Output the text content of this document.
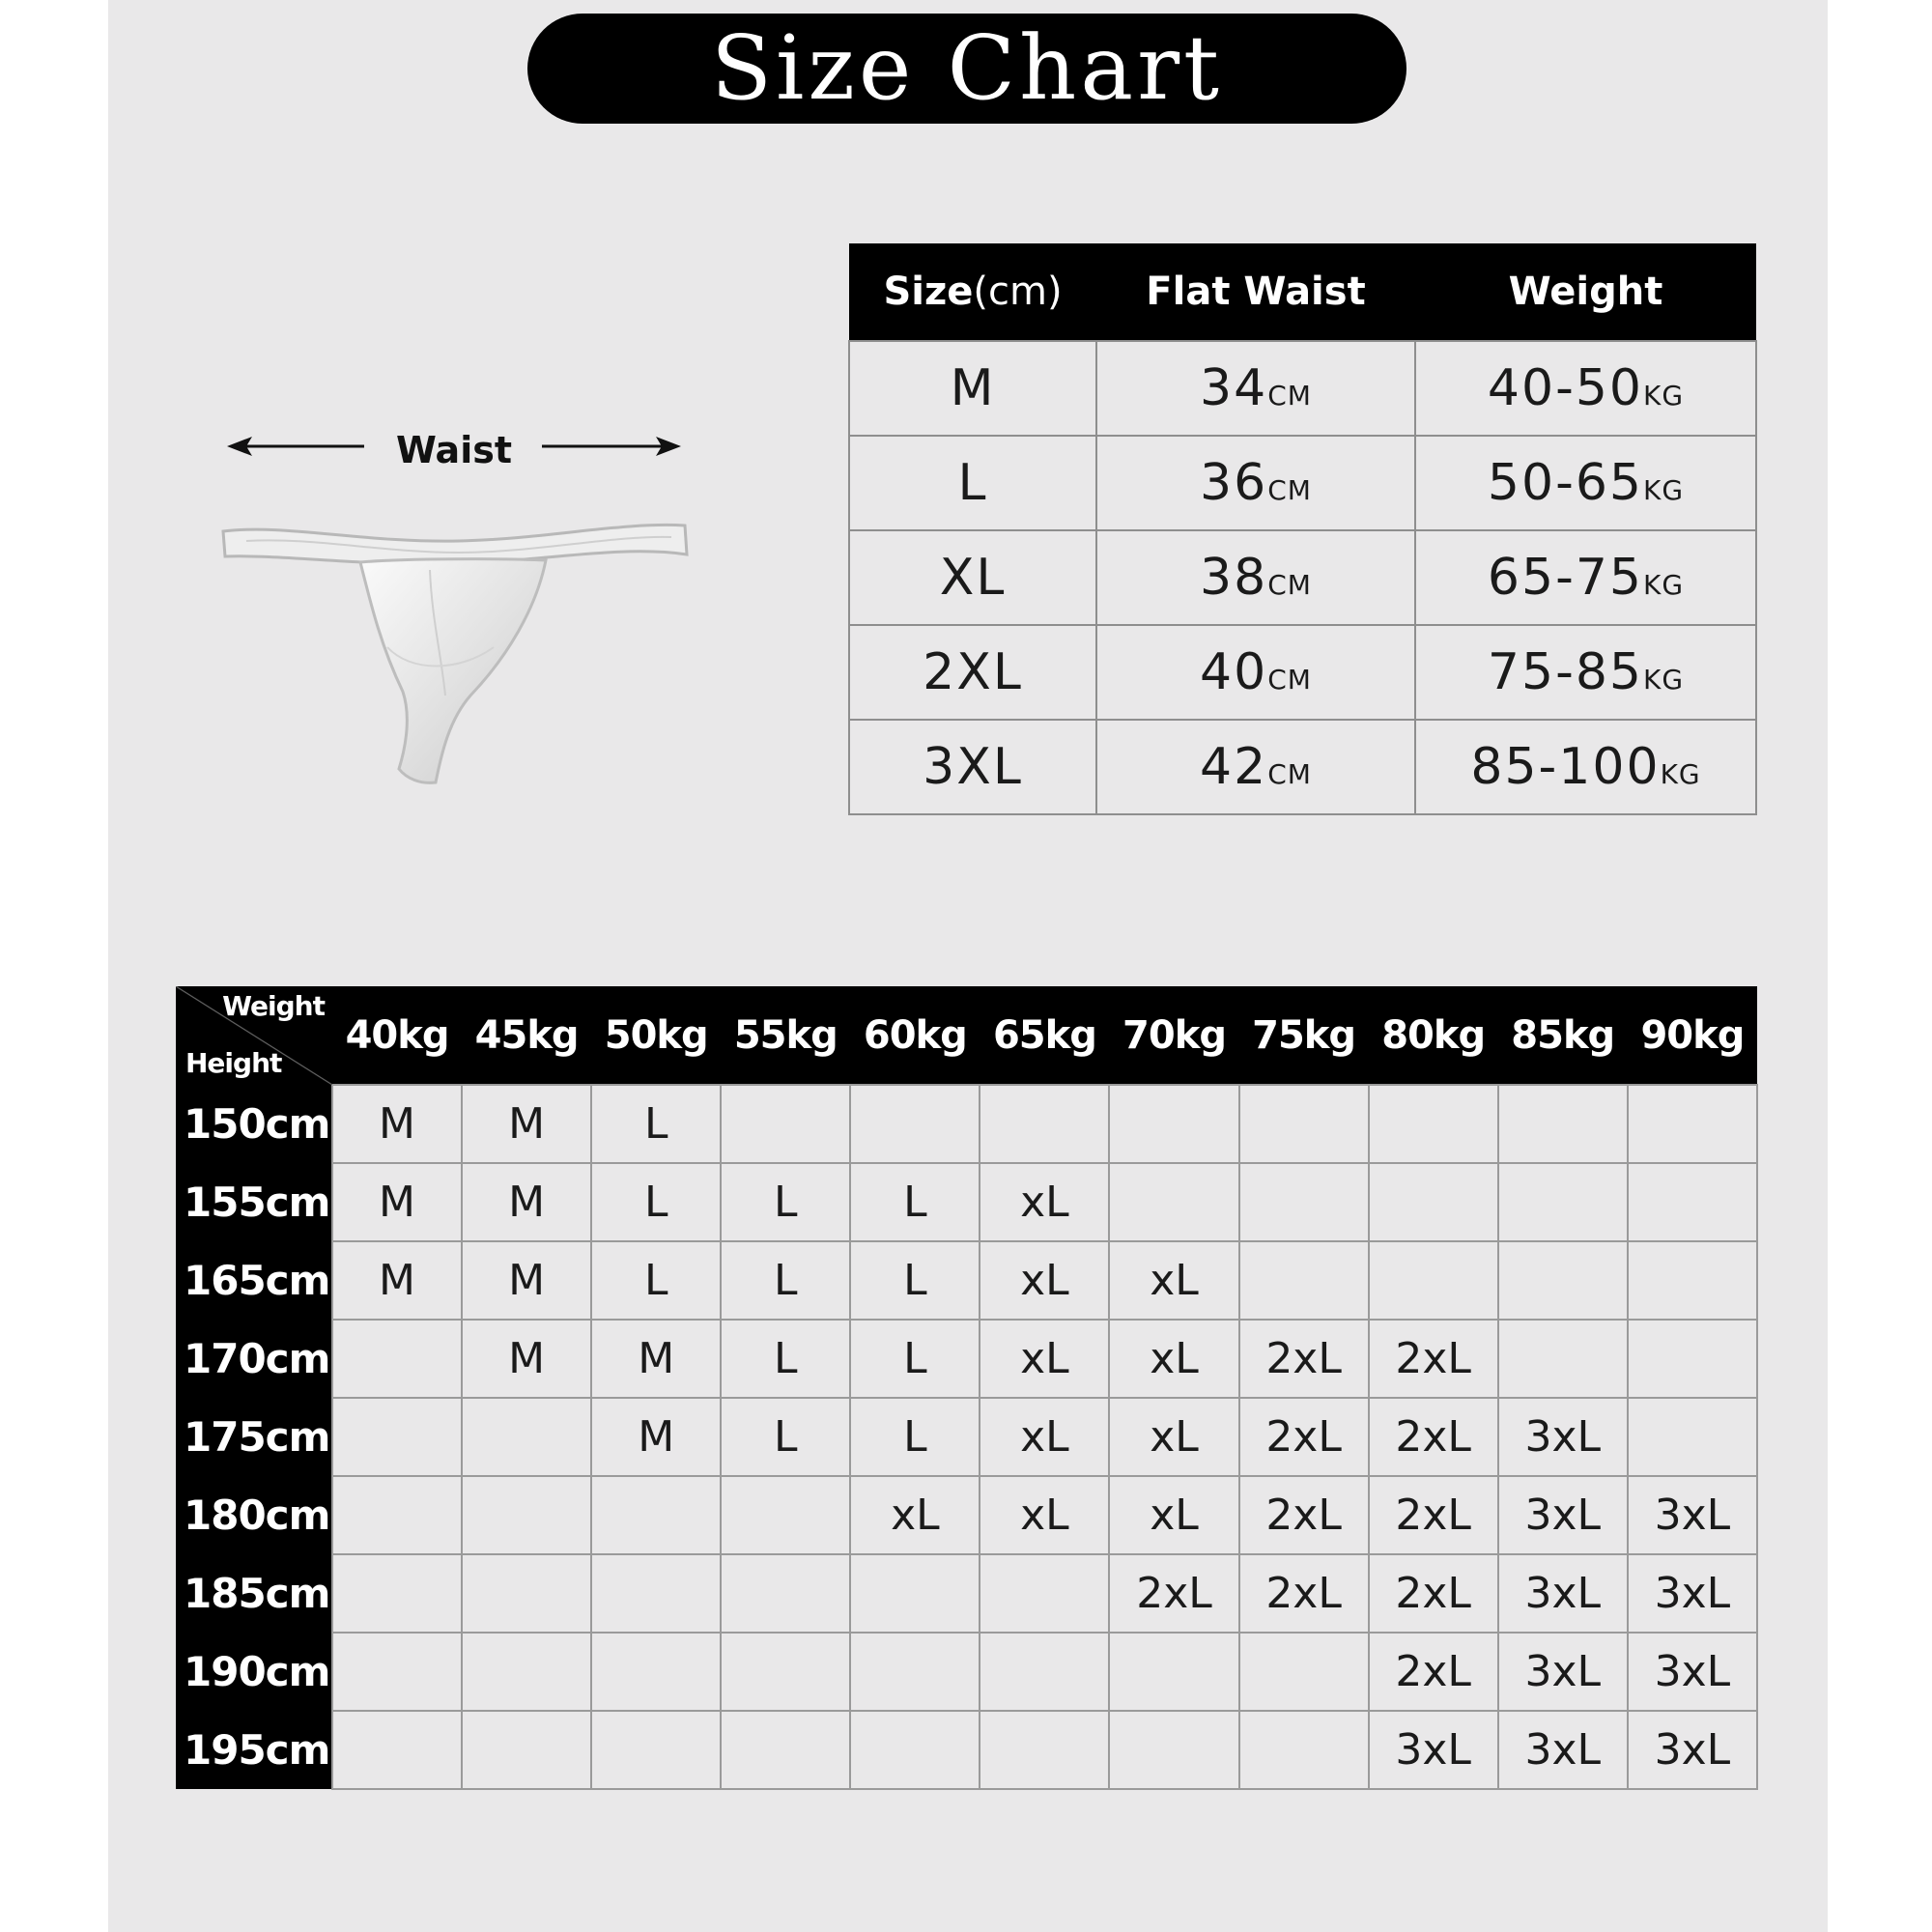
Size Chart
Waist
Size(cm)	Flat Waist	Weight
M	34CM	40-50KG
L	36CM	50-65KG
XL	38CM	65-75KG
2XL	40CM	75-85KG
3XL	42CM	85-100KG
Weight
Height	40kg	45kg	50kg	55kg	60kg	65kg	70kg	75kg	80kg	85kg	90kg
150cm	M	M	L								
155cm	M	M	L	L	L	xL					
165cm	M	M	L	L	L	xL	xL				
170cm		M	M	L	L	xL	xL	2xL	2xL		
175cm			M	L	L	xL	xL	2xL	2xL	3xL	
180cm					xL	xL	xL	2xL	2xL	3xL	3xL
185cm							2xL	2xL	2xL	3xL	3xL
190cm									2xL	3xL	3xL
195cm									3xL	3xL	3xL
